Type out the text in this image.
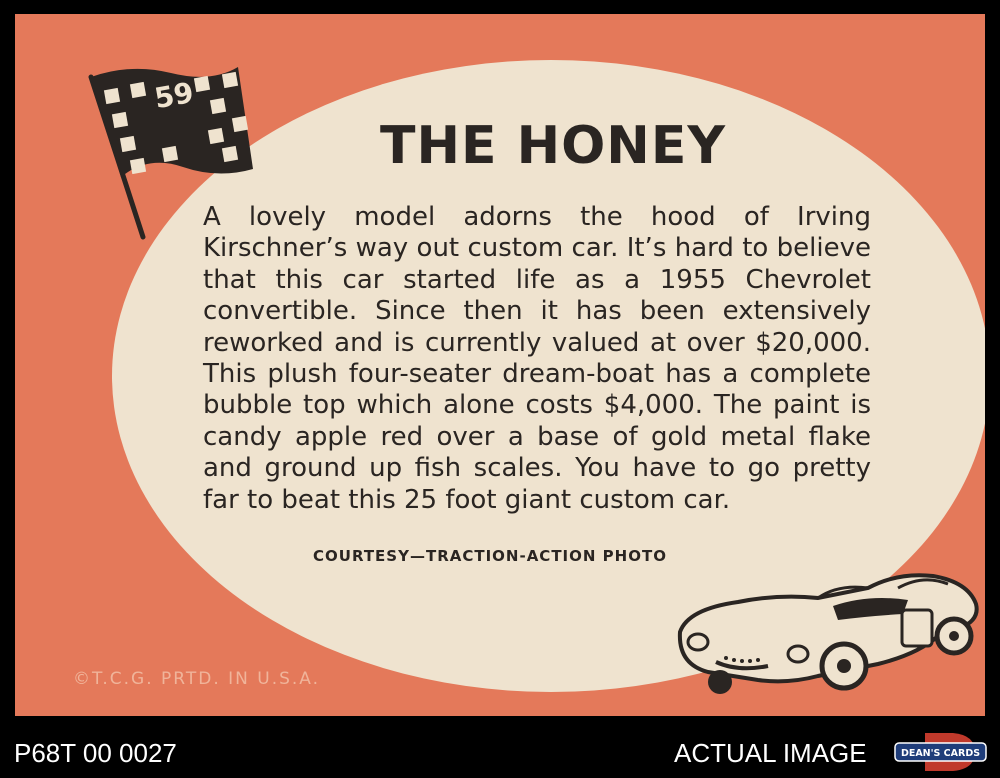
59
THE HONEY

A lovely model adorns the hood of Irving Kirschner’s way out custom car. It’s hard to believe that this car started life as a 1955 Chevrolet convertible. Since then it has been extensively reworked and is currently valued at over $20,000. This plush four-seater dream-boat has a complete bubble top which alone costs $4,000. The paint is candy apple red over a base of gold metal flake and ground up fish scales. You have to go pretty far to beat this 25 foot giant custom car.

COURTESY—TRACTION-ACTION PHOTO
©T.C.G. PRTD. IN U.S.A.
P68T 00 0027	ACTUAL IMAGE	DEAN'S CARDS
